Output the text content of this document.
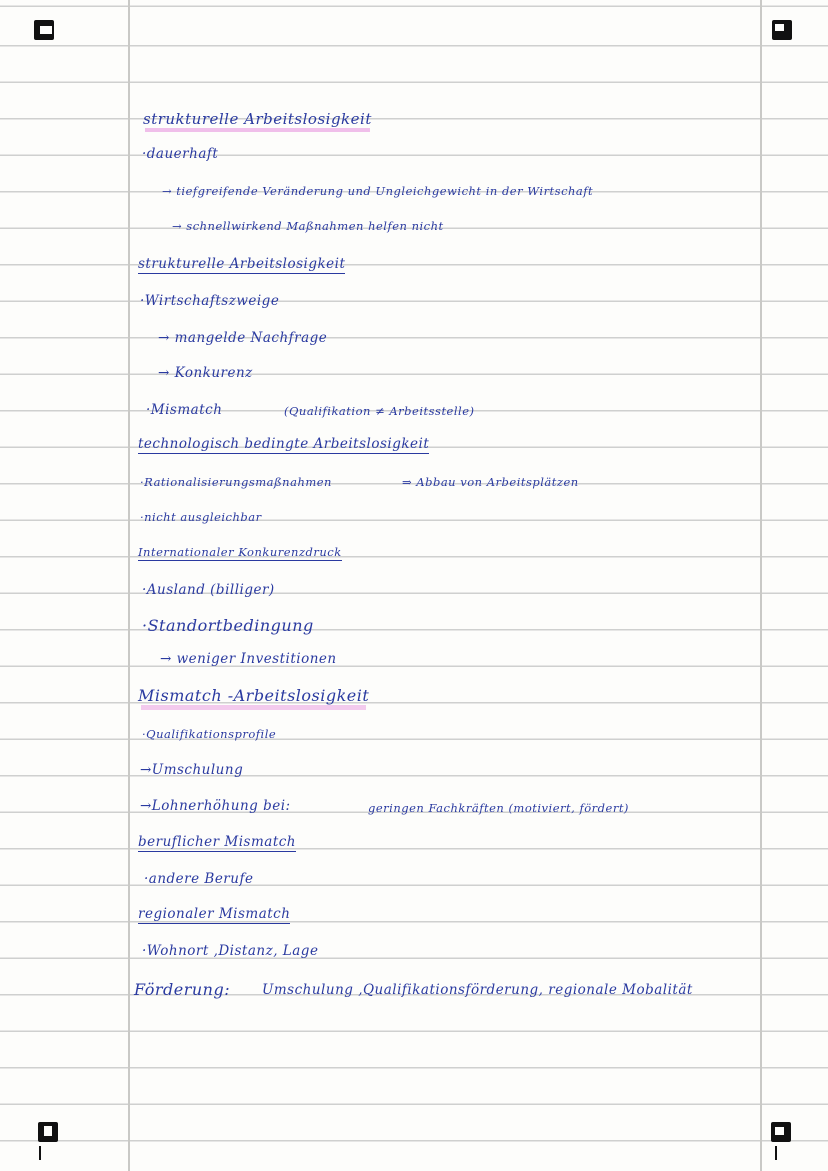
strukturelle Arbeitslosigkeit
·dauerhaft
→ tiefgreifende Veränderung und Ungleichgewicht in der Wirtschaft
→ schnellwirkend Maßnahmen helfen nicht
strukturelle Arbeitslosigkeit
·Wirtschaftszweige
→ mangelde Nachfrage
→ Konkurenz
·Mismatch	(Qualifikation ≠ Arbeitsstelle)
technologisch bedingte Arbeitslosigkeit
·Rationalisierungsmaßnahmen	⇒ Abbau von Arbeitsplätzen
·nicht ausgleichbar
Internationaler Konkurenzdruck
·Ausland (billiger)
·Standortbedingung
→ weniger Investitionen
Mismatch -Arbeitslosigkeit
·Qualifikationsprofile
→Umschulung
→Lohnerhöhung bei:	geringen Fachkräften (motiviert, fördert)
beruflicher Mismatch
·andere Berufe
regionaler Mismatch
·Wohnort ,Distanz, Lage
Förderung: Umschulung ,Qualifikationsförderung, regionale Mobalität
